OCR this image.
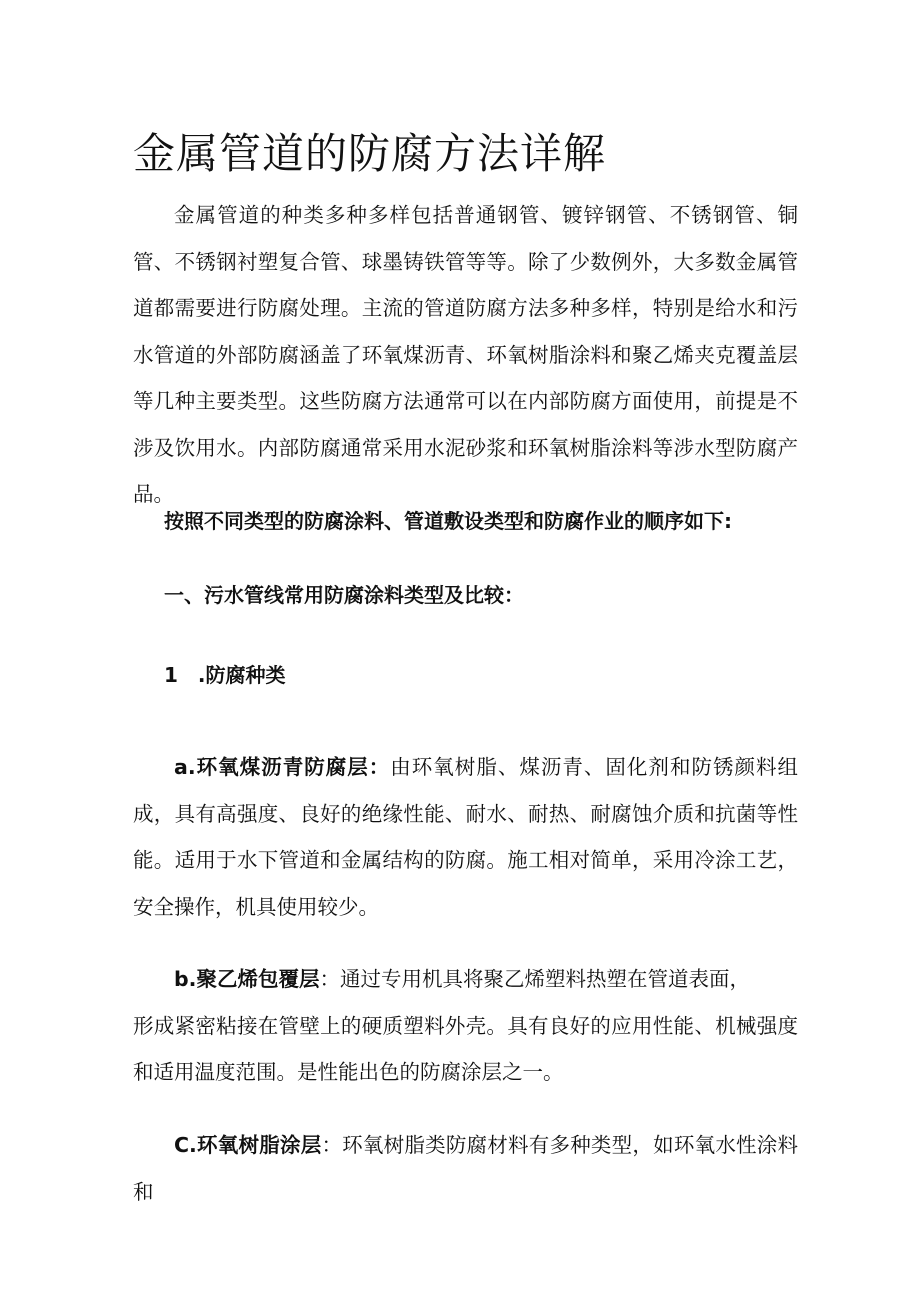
金属管道的防腐方法详解

金属管道的种类多种多样包括普通钢管、镀锌钢管、不锈钢管、铜管、不锈钢衬塑复合管、球墨铸铁管等等。除了少数例外，大多数金属管道都需要进行防腐处理。主流的管道防腐方法多种多样，特别是给水和污水管道的外部防腐涵盖了环氧煤沥青、环氧树脂涂料和聚乙烯夹克覆盖层等几种主要类型。这些防腐方法通常可以在内部防腐方面使用，前提是不涉及饮用水。内部防腐通常采用水泥砂浆和环氧树脂涂料等涉水型防腐产品。

按照不同类型的防腐涂料、管道敷设类型和防腐作业的顺序如下:

一、污水管线常用防腐涂料类型及比较：

1　.防腐种类

a.环氧煤沥青防腐层：由环氧树脂、煤沥青、固化剂和防锈颜料组成，具有高强度、良好的绝缘性能、耐水、耐热、耐腐蚀介质和抗菌等性能。适用于水下管道和金属结构的防腐。施工相对简单，采用冷涂工艺，安全操作，机具使用较少。

b.聚乙烯包覆层：通过专用机具将聚乙烯塑料热塑在管道表面，
形成紧密粘接在管壁上的硬质塑料外壳。具有良好的应用性能、机械强度和适用温度范围。是性能出色的防腐涂层之一。

C.环氧树脂涂层：环氧树脂类防腐材料有多种类型，如环氧水性涂料和
